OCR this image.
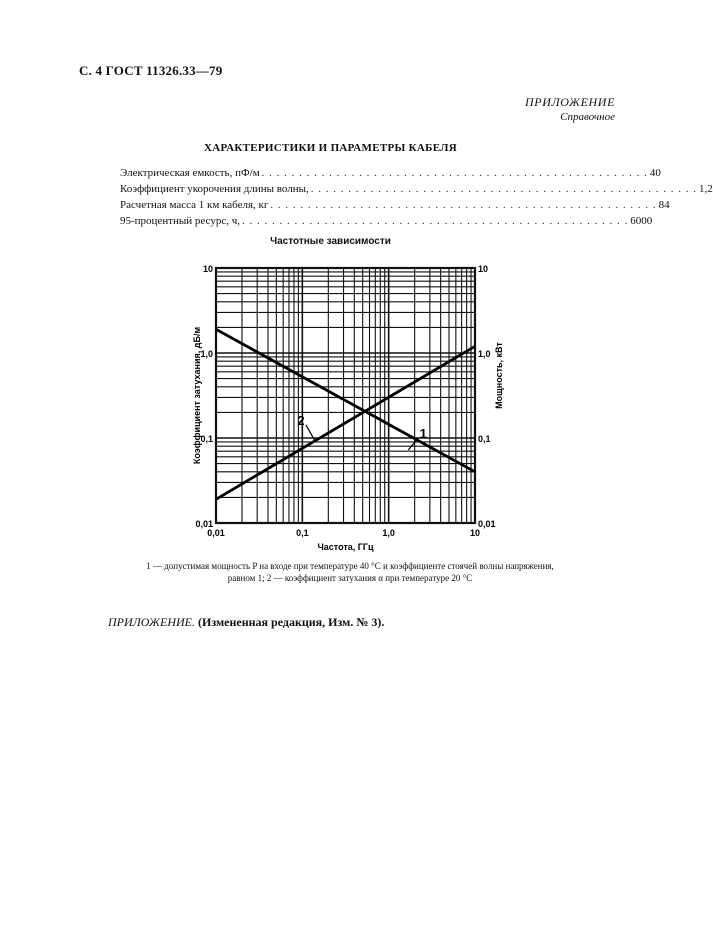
С. 4 ГОСТ 11326.33—79
ПРИЛОЖЕНИЕ
Справочное
ХАРАКТЕРИСТИКИ И ПАРАМЕТРЫ КАБЕЛЯ
Электрическая емкость, пФ/м . . . . . . . . . . . . . . . . . . . . . . . . . . . . . . . . . . . . . . . . . . . . . . . . . . . . 40
Коэффициент укорочения длины волны, . . . . . . . . . . . . . . . . . . . . . . . . . . . . . . . . . . . . . . . . . . . . . . . . . . . . 1,2
Расчетная масса 1 км кабеля, кг . . . . . . . . . . . . . . . . . . . . . . . . . . . . . . . . . . . . . . . . . . . . . . . . . . . . 84
95-процентный ресурс, ч, . . . . . . . . . . . . . . . . . . . . . . . . . . . . . . . . . . . . . . . . . . . . . . . . . . . . 6000
Частотные зависимости
0,01	0,1	1,0	10
0,01
0,1
1,0
10
0,01
0,1
1,0
10
Частота, ГГц
Коэффициент затухания, дБ/м	Мощность, кВт
2
1
1 — допустимая мощность P на входе при температуре 40 °С и коэффициенте стоячей волны напряжения, равном 1; 2 — коэффициент затухания α при температуре 20 °С
ПРИЛОЖЕНИЕ. (Измененная редакция, Изм. № 3).
